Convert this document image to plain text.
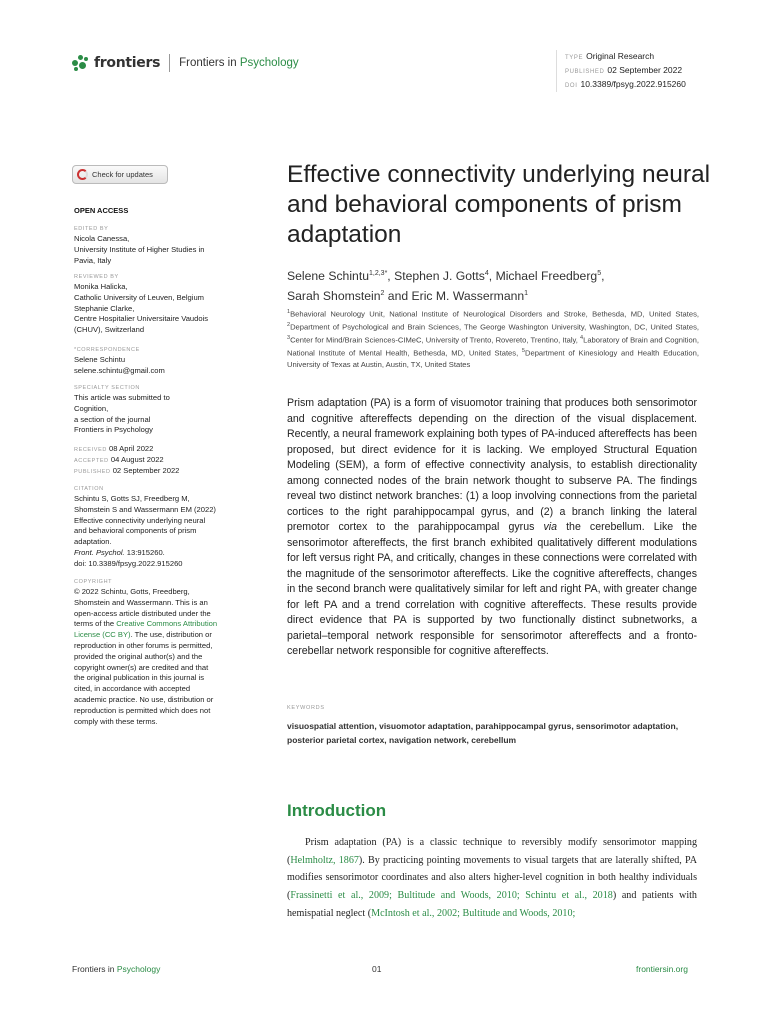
frontiers Frontiers in Psychology	TYPE Original Research
PUBLISHED 02 September 2022
DOI 10.3389/fpsyg.2022.915260
Check for updates
OPEN ACCESS
EDITED BY
Nicola Canessa,
University Institute of Higher Studies in
Pavia, Italy
REVIEWED BY
Monika Halicka,
Catholic University of Leuven, Belgium
Stephanie Clarke,
Centre Hospitalier Universitaire Vaudois
(CHUV), Switzerland
*CORRESPONDENCE
Selene Schintu
selene.schintu@gmail.com
SPECIALTY SECTION
This article was submitted to
Cognition,
a section of the journal
Frontiers in Psychology
RECEIVED 08 April 2022
ACCEPTED 04 August 2022
PUBLISHED 02 September 2022
CITATION
Schintu S, Gotts SJ, Freedberg M,
Shomstein S and Wassermann EM (2022)
Effective connectivity underlying neural
and behavioral components of prism
adaptation.
Front. Psychol. 13:915260.
doi: 10.3389/fpsyg.2022.915260
COPYRIGHT
© 2022 Schintu, Gotts, Freedberg,
Shomstein and Wassermann. This is an
open-access article distributed under the
terms of the Creative Commons Attribution
License (CC BY). The use, distribution or
reproduction in other forums is permitted,
provided the original author(s) and the
copyright owner(s) are credited and that
the original publication in this journal is
cited, in accordance with accepted
academic practice. No use, distribution or
reproduction is permitted which does not
comply with these terms.
Effective connectivity underlying neural and behavioral components of prism adaptation
Selene Schintu$^{1,2,3*}$, Stephen J. Gotts$^4$, Michael Freedberg$^5$,
Sarah Shomstein$^2$ and Eric M. Wassermann$^1$
$^1$Behavioral Neurology Unit, National Institute of Neurological Disorders and Stroke, Bethesda, MD, United States, $^2$Department of Psychological and Brain Sciences, The George Washington University, Washington, DC, United States, $^3$Center for Mind/Brain Sciences-CIMeC, University of Trento, Rovereto, Trentino, Italy, $^4$Laboratory of Brain and Cognition, National Institute of Mental Health, Bethesda, MD, United States, $^5$Department of Kinesiology and Health Education, University of Texas at Austin, Austin, TX, United States

Prism adaptation (PA) is a form of visuomotor training that produces both sensorimotor and cognitive aftereffects depending on the direction of the visual displacement. Recently, a neural framework explaining both types of PA-induced aftereffects has been proposed, but direct evidence for it is lacking. We employed Structural Equation Modeling (SEM), a form of effective connectivity analysis, to establish directionality among connected nodes of the brain network thought to subserve PA. The findings reveal two distinct network branches: (1) a loop involving connections from the parietal cortices to the right parahippocampal gyrus, and (2) a branch linking the lateral premotor cortex to the parahippocampal gyrus via the cerebellum. Like the sensorimotor aftereffects, the first branch exhibited qualitatively different modulations for left versus right PA, and critically, changes in these connections were correlated with the magnitude of the sensorimotor aftereffects. Like the cognitive aftereffects, changes in the second branch were qualitatively similar for left and right PA, with greater change for left PA and a trend correlation with cognitive aftereffects. These results provide direct evidence that PA is supported by two functionally distinct subnetworks, a parietal–temporal network responsible for sensorimotor aftereffects and a fronto-cerebellar network responsible for cognitive aftereffects.

KEYWORDS
visuospatial attention, visuomotor adaptation, parahippocampal gyrus, sensorimotor adaptation, posterior parietal cortex, navigation network, cerebellum
Introduction

Prism adaptation (PA) is a classic technique to reversibly modify sensorimotor mapping (Helmholtz, 1867). By practicing pointing movements to visual targets that are laterally shifted, PA modifies sensorimotor coordinates and also alters higher-level cognition in both healthy individuals (Frassinetti et al., 2009; Bultitude and Woods, 2010; Schintu et al., 2018) and patients with hemispatial neglect (McIntosh et al., 2002; Bultitude and Woods, 2010;

Frontiers in Psychology	01	frontiersin.org
